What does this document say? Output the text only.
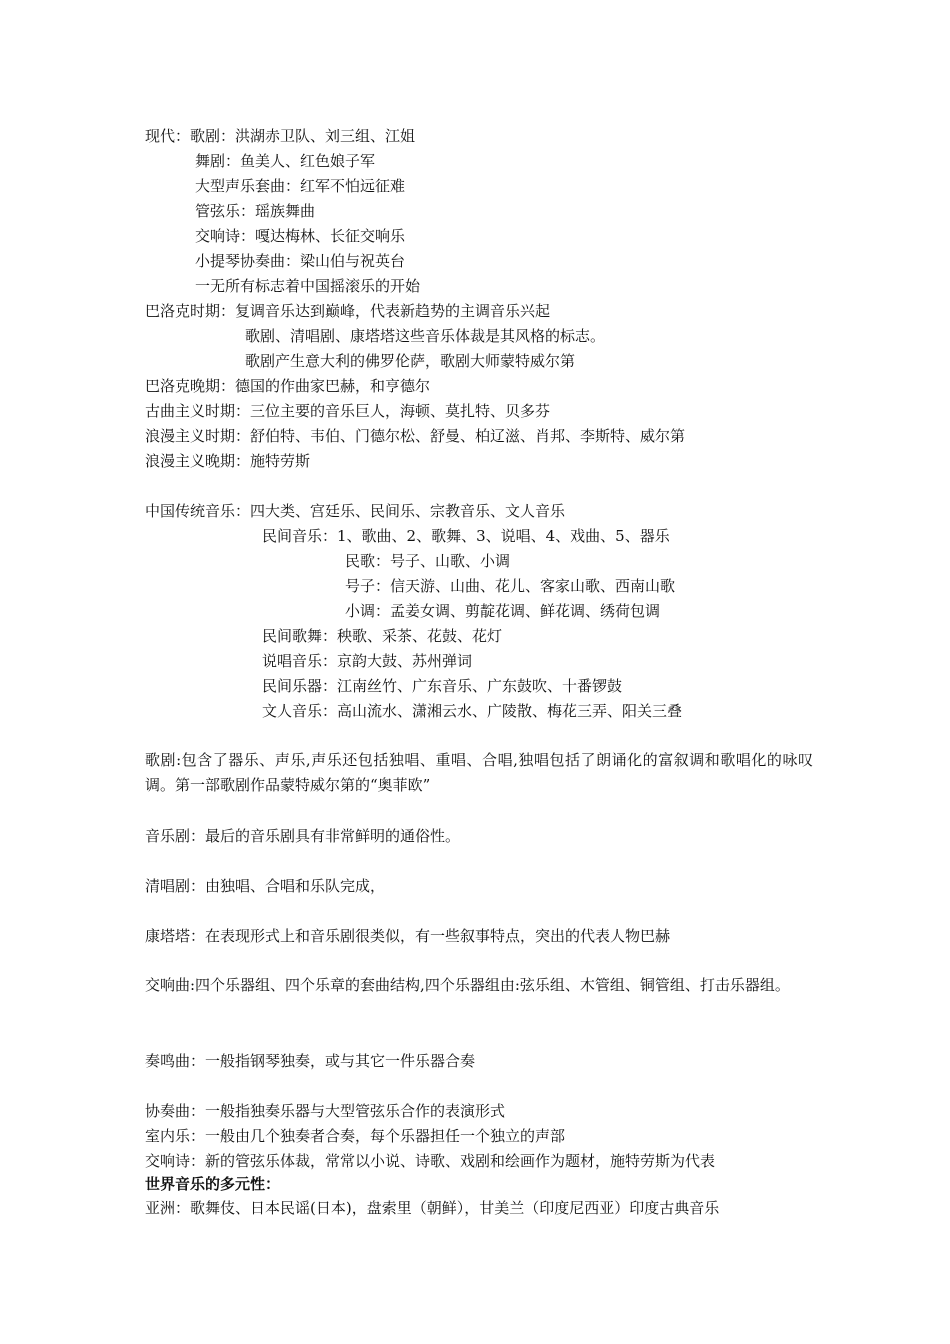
现代：歌剧：洪湖赤卫队、刘三组、江姐
舞剧：鱼美人、红色娘子军
大型声乐套曲：红军不怕远征难
管弦乐：瑶族舞曲
交响诗：嘎达梅林、长征交响乐
小提琴协奏曲：梁山伯与祝英台
一无所有标志着中国摇滚乐的开始
巴洛克时期：复调音乐达到巅峰，代表新趋势的主调音乐兴起
歌剧、清唱剧、康塔塔这些音乐体裁是其风格的标志。
歌剧产生意大利的佛罗伦萨，歌剧大师蒙特威尔第
巴洛克晚期：德国的作曲家巴赫，和亨德尔
古曲主义时期：三位主要的音乐巨人，海顿、莫扎特、贝多芬
浪漫主义时期：舒伯特、韦伯、门德尔松、舒曼、柏辽滋、肖邦、李斯特、威尔第
浪漫主义晚期：施特劳斯
中国传统音乐：四大类、宫廷乐、民间乐、宗教音乐、文人音乐
民间音乐：1、歌曲、2、歌舞、3、说唱、4、戏曲、5、器乐
民歌：号子、山歌、小调
号子：信天游、山曲、花儿、客家山歌、西南山歌
小调：孟姜女调、剪靛花调、鲜花调、绣荷包调
民间歌舞：秧歌、采茶、花鼓、花灯
说唱音乐：京韵大鼓、苏州弹词
民间乐器：江南丝竹、广东音乐、广东鼓吹、十番锣鼓
文人音乐：高山流水、潇湘云水、广陵散、梅花三弄、阳关三叠
歌剧:包含了器乐、声乐,声乐还包括独唱、重唱、合唱,独唱包括了朗诵化的富叙调和歌唱化的咏叹调。第一部歌剧作品蒙特威尔第的“奥菲欧”
音乐剧：最后的音乐剧具有非常鲜明的通俗性。
清唱剧：由独唱、合唱和乐队完成，
康塔塔：在表现形式上和音乐剧很类似，有一些叙事特点，突出的代表人物巴赫
交响曲:四个乐器组、四个乐章的套曲结构,四个乐器组由:弦乐组、木管组、铜管组、打击乐器组。
奏鸣曲：一般指钢琴独奏，或与其它一件乐器合奏
协奏曲：一般指独奏乐器与大型管弦乐合作的表演形式
室内乐：一般由几个独奏者合奏，每个乐器担任一个独立的声部
交响诗：新的管弦乐体裁，常常以小说、诗歌、戏剧和绘画作为题材，施特劳斯为代表
世界音乐的多元性：
亚洲：歌舞伎、日本民谣(日本)，盘索里（朝鲜），甘美兰（印度尼西亚）印度古典音乐
